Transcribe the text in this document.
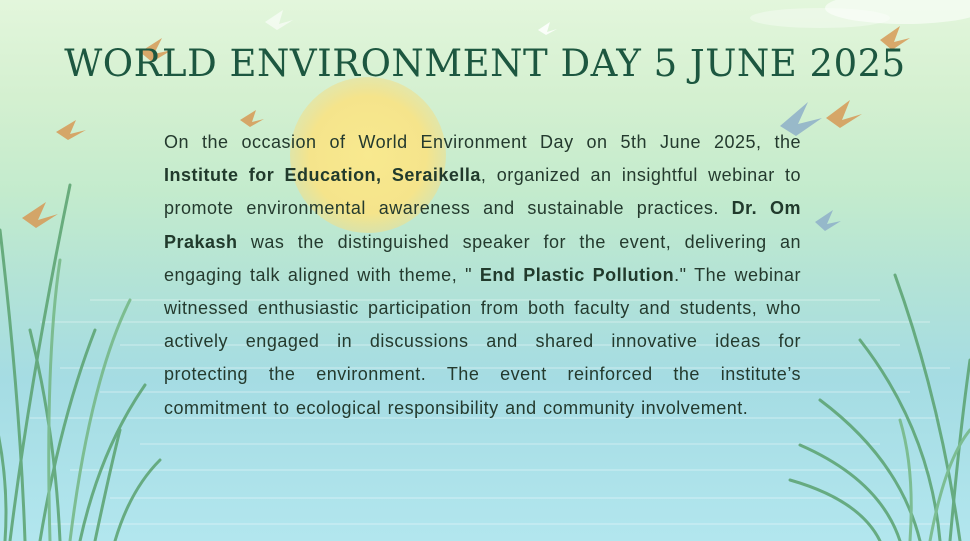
WORLD ENVIRONMENT DAY 5 JUNE 2025

On the occasion of World Environment Day on 5th June 2025, the Institute for Education, Seraikella, organized an insightful webinar to promote environmental awareness and sustainable practices. Dr. Om Prakash was the distinguished speaker for the event, delivering an engaging talk aligned with theme, " End Plastic Pollution." The webinar witnessed enthusiastic participation from both faculty and students, who actively engaged in discussions and shared innovative ideas for protecting the environment. The event reinforced the institute’s commitment to ecological responsibility and community involvement.
